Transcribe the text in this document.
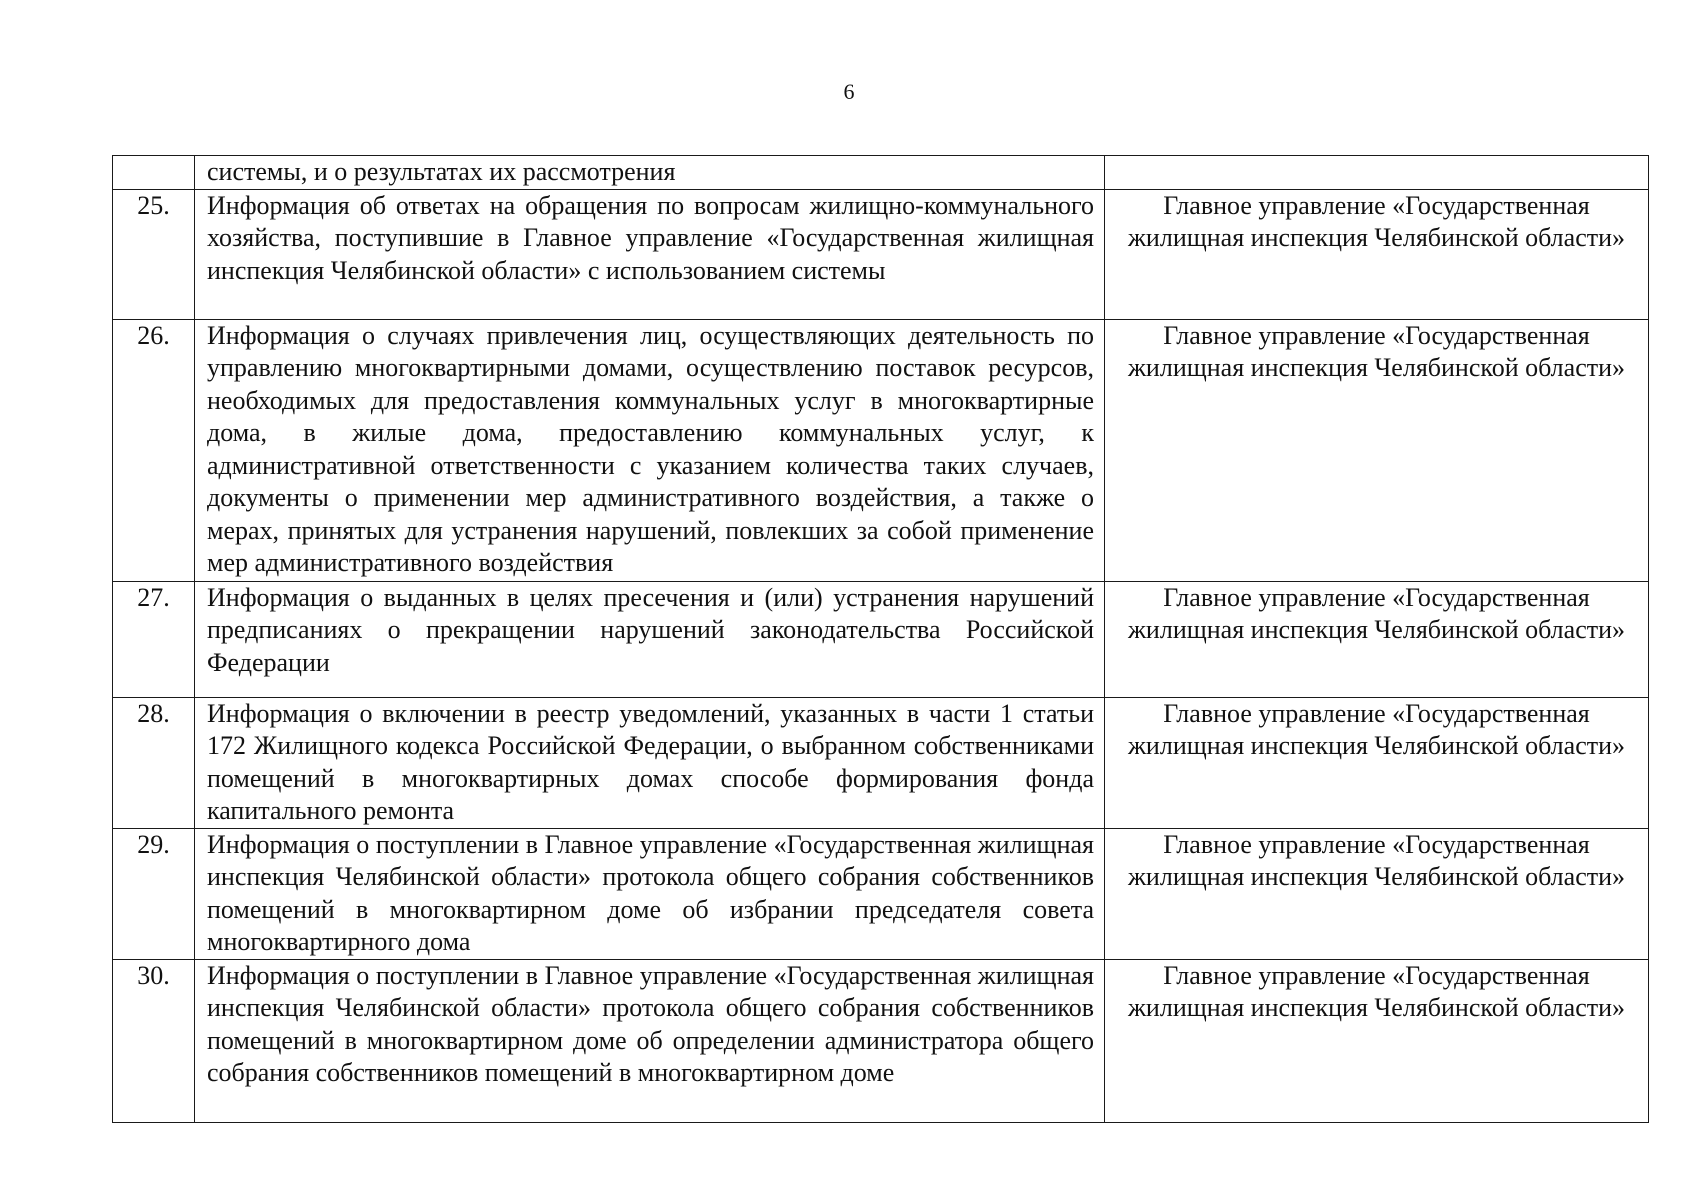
6
	системы, и о результатах их рассмотрения	
25.	Информация об ответах на обращения по вопросам жилищно-коммунального хозяйства, поступившие в Главное управление «Государственная жилищная инспекция Челябинской области» с использованием системы	Главное управление «Государственная жилищная инспекция Челябинской области»
26.	Информация о случаях привлечения лиц, осуществляющих деятельность по управлению многоквартирными домами, осуществлению поставок ресурсов, необходимых для предоставления коммунальных услуг в многоквартирные дома, в жилые дома, предоставлению коммунальных услуг, к административной ответственности с указанием количества таких случаев, документы о применении мер административного воздействия, а также о мерах, принятых для устранения нарушений, повлекших за собой применение мер административного воздействия	Главное управление «Государственная жилищная инспекция Челябинской области»
27.	Информация о выданных в целях пресечения и (или) устранения нарушений предписаниях о прекращении нарушений законодательства Российской Федерации	Главное управление «Государственная жилищная инспекция Челябинской области»
28.	Информация о включении в реестр уведомлений, указанных в части 1 статьи 172 Жилищного кодекса Российской Федерации, о выбранном собственниками помещений в многоквартирных домах способе формирования фонда капитального ремонта	Главное управление «Государственная жилищная инспекция Челябинской области»
29.	Информация о поступлении в Главное управление «Государственная жилищная инспекция Челябинской области» протокола общего собрания собственников помещений в многоквартирном доме об избрании председателя совета многоквартирного дома	Главное управление «Государственная жилищная инспекция Челябинской области»
30.	Информация о поступлении в Главное управление «Государственная жилищная инспекция Челябинской области» протокола общего собрания собственников помещений в многоквартирном доме об определении администратора общего собрания собственников помещений в многоквартирном доме	Главное управление «Государственная жилищная инспекция Челябинской области»
